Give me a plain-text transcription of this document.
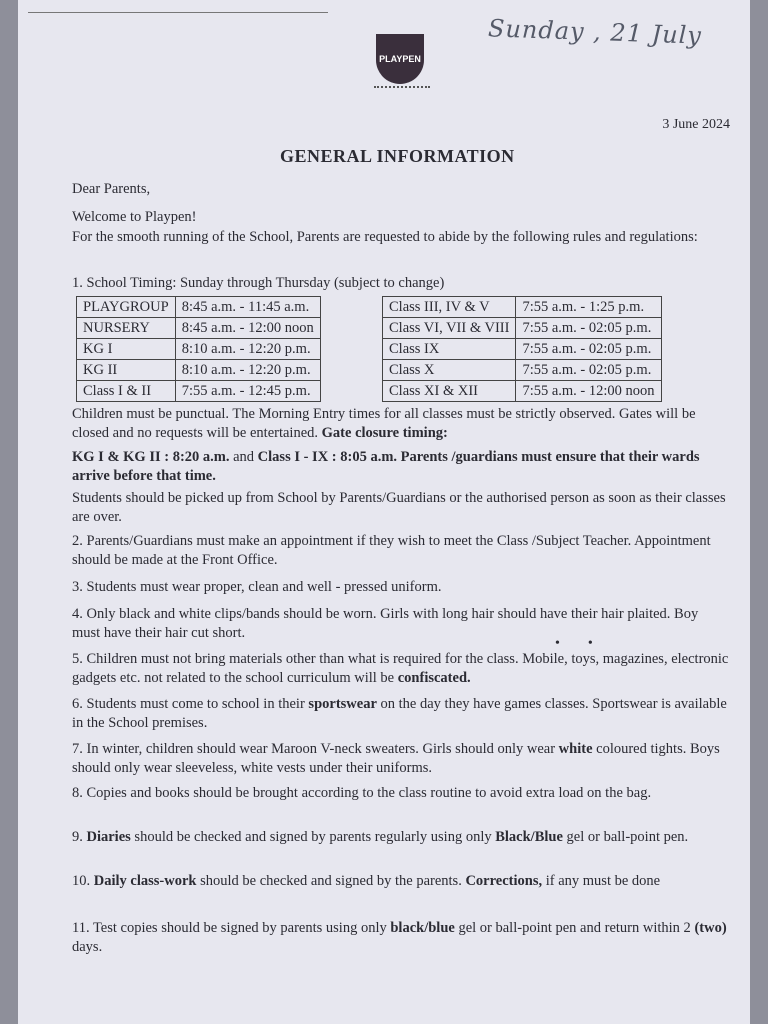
Sunday , 21 July
PLAYPEN
3 June 2024
GENERAL INFORMATION
Dear Parents,
Welcome to Playpen!
For the smooth running of the School, Parents are requested to abide by the following rules and regulations:
1. School Timing: Sunday through Thursday (subject to change)
PLAYGROUP	8:45 a.m. - 11:45 a.m.
NURSERY	8:45 a.m. - 12:00 noon
KG I	8:10 a.m. - 12:20 p.m.
KG II	8:10 a.m. - 12:20 p.m.
Class I & II	7:55 a.m. - 12:45 p.m.
Class III, IV & V	7:55 a.m. - 1:25 p.m.
Class VI, VII & VIII	7:55 a.m. - 02:05 p.m.
Class IX	7:55 a.m. - 02:05 p.m.
Class X	7:55 a.m. - 02:05 p.m.
Class XI & XII	7:55 a.m. - 12:00 noon
Children must be punctual. The Morning Entry times for all classes must be strictly observed. Gates will be closed and no requests will be entertained. Gate closure timing:
KG I & KG II : 8:20 a.m. and Class I - IX : 8:05 a.m. Parents /guardians must ensure that their wards arrive before that time.
Students should be picked up from School by Parents/Guardians or the authorised person as soon as their classes are over.
2. Parents/Guardians must make an appointment if they wish to meet the Class /Subject Teacher. Appointment should be made at the Front Office.
3. Students must wear proper, clean and well - pressed uniform.
4. Only black and white clips/bands should be worn. Girls with long hair should have their hair plaited. Boy must have their hair cut short.
•        •
5. Children must not bring materials other than what is required for the class. Mobile, toys, magazines, electronic gadgets etc. not related to the school curriculum will be confiscated.
6. Students must come to school in their sportswear on the day they have games classes. Sportswear is available in the School premises.
7. In winter, children should wear Maroon V-neck sweaters. Girls should only wear white coloured tights. Boys should only wear sleeveless, white vests under their uniforms.
8. Copies and books should be brought according to the class routine to avoid extra load on the bag.
9. Diaries should be checked and signed by parents regularly using only Black/Blue gel or ball-point pen.
10. Daily class-work should be checked and signed by the parents. Corrections, if any must be done
11. Test copies should be signed by parents using only black/blue gel or ball-point pen and return within 2 (two) days.
